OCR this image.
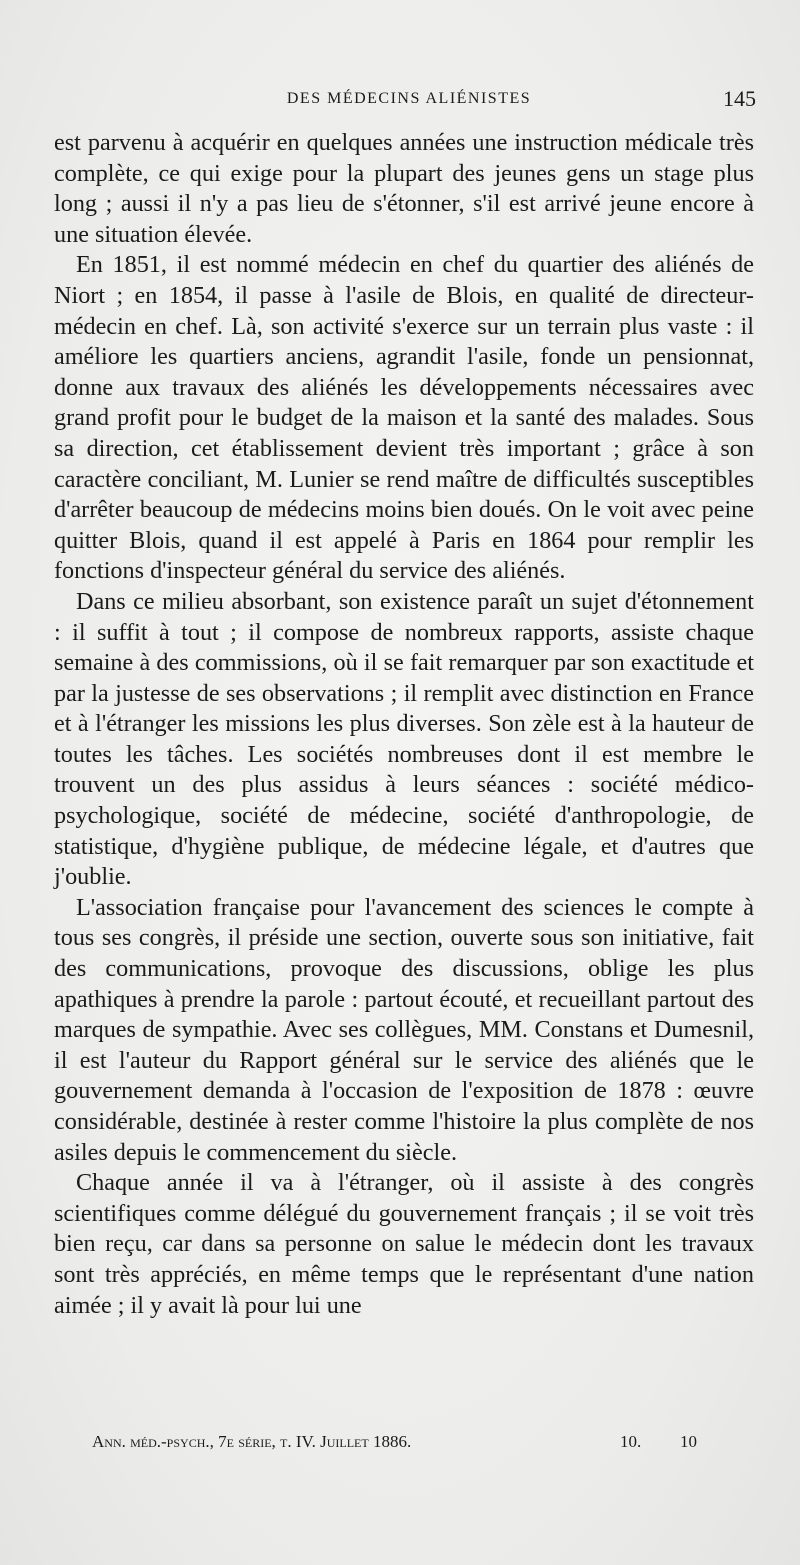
DES MÉDECINS ALIÉNISTES	145

est parvenu à acquérir en quelques années une instruction médicale très complète, ce qui exige pour la plupart des jeunes gens un stage plus long ; aussi il n'y a pas lieu de s'étonner, s'il est arrivé jeune encore à une situation élevée.

En 1851, il est nommé médecin en chef du quartier des aliénés de Niort ; en 1854, il passe à l'asile de Blois, en qualité de directeur-médecin en chef. Là, son activité s'exerce sur un terrain plus vaste : il améliore les quartiers anciens, agrandit l'asile, fonde un pensionnat, donne aux travaux des aliénés les développements nécessaires avec grand profit pour le budget de la maison et la santé des malades. Sous sa direction, cet établissement devient très important ; grâce à son caractère conciliant, M. Lunier se rend maître de difficultés susceptibles d'arrêter beaucoup de médecins moins bien doués. On le voit avec peine quitter Blois, quand il est appelé à Paris en 1864 pour remplir les fonctions d'inspecteur général du service des aliénés.

Dans ce milieu absorbant, son existence paraît un sujet d'étonnement : il suffit à tout ; il compose de nombreux rapports, assiste chaque semaine à des commissions, où il se fait remarquer par son exactitude et par la justesse de ses observations ; il remplit avec distinction en France et à l'étranger les missions les plus diverses. Son zèle est à la hauteur de toutes les tâches. Les sociétés nombreuses dont il est membre le trouvent un des plus assidus à leurs séances : société médico-psychologique, société de médecine, société d'anthropologie, de statistique, d'hygiène publique, de médecine légale, et d'autres que j'oublie.

L'association française pour l'avancement des sciences le compte à tous ses congrès, il préside une section, ouverte sous son initiative, fait des communications, provoque des discussions, oblige les plus apathiques à prendre la parole : partout écouté, et recueillant partout des marques de sympathie. Avec ses collègues, MM. Constans et Dumesnil, il est l'auteur du Rapport général sur le service des aliénés que le gouvernement demanda à l'occasion de l'exposition de 1878 : œuvre considérable, destinée à rester comme l'histoire la plus complète de nos asiles depuis le commencement du siècle.

Chaque année il va à l'étranger, où il assiste à des congrès scientifiques comme délégué du gouvernement français ; il se voit très bien reçu, car dans sa personne on salue le médecin dont les travaux sont très appréciés, en même temps que le représentant d'une nation aimée ; il y avait là pour lui une

Ann. méd.-psych., 7e série, t. IV. Juillet 1886.	10. 10
